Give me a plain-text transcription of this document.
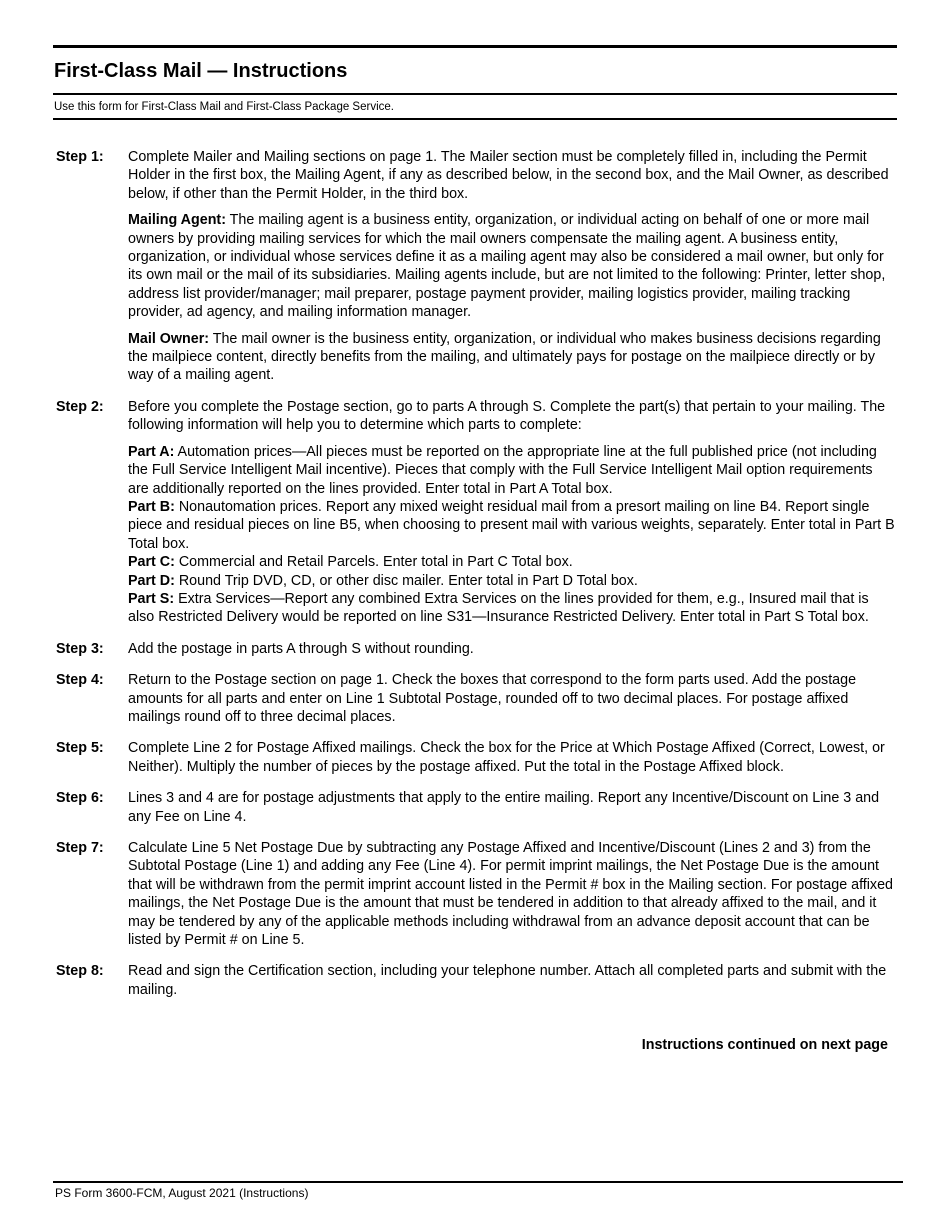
First-Class Mail — Instructions
Use this form for First-Class Mail and First-Class Package Service.
Step 1:	Complete Mailer and Mailing sections on page 1. The Mailer section must be completely filled in, including the Permit Holder in the first box, the Mailing Agent, if any as described below, in the second box, and the Mail Owner, as described below, if other than the Permit Holder, in the third box.

Mailing Agent: The mailing agent is a business entity, organization, or individual acting on behalf of one or more mail owners by providing mailing services for which the mail owners compensate the mailing agent. A business entity, organization, or individual whose services define it as a mailing agent may also be considered a mail owner, but only for its own mail or the mail of its subsidiaries. Mailing agents include, but are not limited to the following: Printer, letter shop, address list provider/manager; mail preparer, postage payment provider, mailing logistics provider, mailing tracking provider, ad agency, and mailing information manager.

Mail Owner: The mail owner is the business entity, organization, or individual who makes business decisions regarding the mailpiece content, directly benefits from the mailing, and ultimately pays for postage on the mailpiece directly or by way of a mailing agent.

Step 2:	Before you complete the Postage section, go to parts A through S. Complete the part(s) that pertain to your mailing. The following information will help you to determine which parts to complete:

Part A: Automation prices—All pieces must be reported on the appropriate line at the full published price (not including the Full Service Intelligent Mail incentive). Pieces that comply with the Full Service Intelligent Mail option requirements are additionally reported on the lines provided. Enter total in Part A Total box.
Part B: Nonautomation prices. Report any mixed weight residual mail from a presort mailing on line B4. Report single piece and residual pieces on line B5, when choosing to present mail with various weights, separately. Enter total in Part B Total box.
Part C: Commercial and Retail Parcels. Enter total in Part C Total box.
Part D: Round Trip DVD, CD, or other disc mailer. Enter total in Part D Total box.
Part S: Extra Services—Report any combined Extra Services on the lines provided for them, e.g., Insured mail that is also Restricted Delivery would be reported on line S31—Insurance Restricted Delivery. Enter total in Part S Total box.
Step 3:	Add the postage in parts A through S without rounding.

Step 4:	Return to the Postage section on page 1. Check the boxes that correspond to the form parts used. Add the postage amounts for all parts and enter on Line 1 Subtotal Postage, rounded off to two decimal places. For postage affixed mailings round off to three decimal places.

Step 5:	Complete Line 2 for Postage Affixed mailings. Check the box for the Price at Which Postage Affixed (Correct, Lowest, or Neither). Multiply the number of pieces by the postage affixed. Put the total in the Postage Affixed block.

Step 6:	Lines 3 and 4 are for postage adjustments that apply to the entire mailing. Report any Incentive/Discount on Line 3 and any Fee on Line 4.

Step 7:	Calculate Line 5 Net Postage Due by subtracting any Postage Affixed and Incentive/Discount (Lines 2 and 3) from the Subtotal Postage (Line 1) and adding any Fee (Line 4). For permit imprint mailings, the Net Postage Due is the amount that will be withdrawn from the permit imprint account listed in the Permit # box in the Mailing section. For postage affixed mailings, the Net Postage Due is the amount that must be tendered in addition to that already affixed to the mail, and it may be tendered by any of the applicable methods including withdrawal from an advance deposit account that can be listed by Permit # on Line 5.

Step 8:	Read and sign the Certification section, including your telephone number. Attach all completed parts and submit with the mailing.

Instructions continued on next page
PS Form 3600-FCM, August 2021 (Instructions)
